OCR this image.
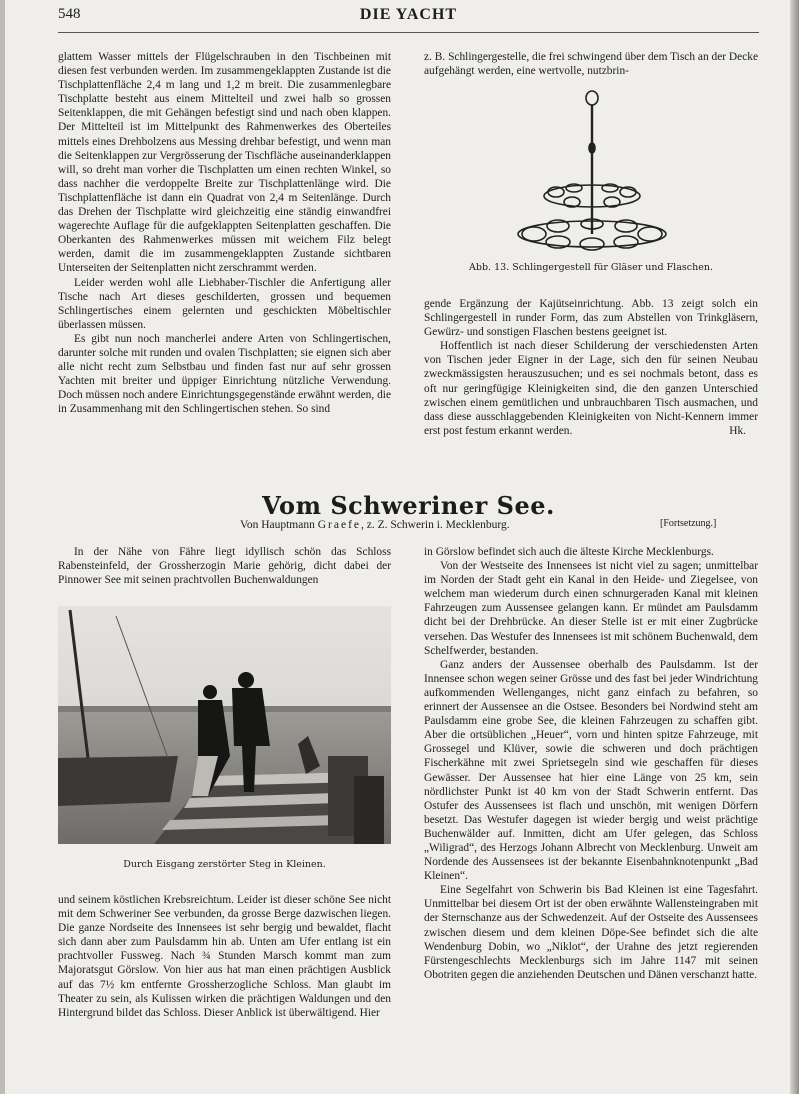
548	DIE YACHT

glattem Wasser mittels der Flügelschrauben in den Tischbeinen mit diesen fest verbunden werden. Im zusammengeklappten Zustande ist die Tischplattenfläche 2,4 m lang und 1,2 m breit. Die zusammenlegbare Tischplatte besteht aus einem Mittelteil und zwei halb so grossen Seitenklappen, die mit Gehängen befestigt sind und nach oben klappen. Der Mittelteil ist im Mittelpunkt des Rahmenwerkes des Oberteiles mittels eines Drehbolzens aus Messing drehbar befestigt, und wenn man die Seitenklappen zur Vergrösserung der Tischfläche auseinanderklappen will, so dreht man vorher die Tischplatten um einen rechten Winkel, so dass nachher die verdoppelte Breite zur Tischplattenlänge wird. Die Tischplattenfläche ist dann ein Quadrat von 2,4 m Seitenlänge. Durch das Drehen der Tischplatte wird gleichzeitig eine ständig einwandfrei wagerechte Auflage für die aufgeklappten Seitenplatten geschaffen. Die Oberkanten des Rahmenwerkes müssen mit weichem Filz belegt werden, damit die im zusammengeklappten Zustande sichtbaren Unterseiten der Seitenplatten nicht zerschrammt werden.

Leider werden wohl alle Liebhaber-Tischler die Anfertigung aller Tische nach Art dieses geschilderten, grossen und bequemen Schlingertisches einem gelernten und geschickten Möbeltischler überlassen müssen.

Es gibt nun noch mancherlei andere Arten von Schlingertischen, darunter solche mit runden und ovalen Tischplatten; sie eignen sich aber alle nicht recht zum Selbstbau und finden fast nur auf sehr grossen Yachten mit breiter und üppiger Einrichtung nützliche Verwendung. Doch müssen noch andere Einrichtungsgegenstände erwähnt werden, die in Zusammenhang mit den Schlingertischen stehen. So sind

z. B. Schlingergestelle, die frei schwingend über dem Tisch an der Decke aufgehängt werden, eine wertvolle, nutzbrin-

Abb. 13. Schlingergestell für Gläser und Flaschen.

gende Ergänzung der Kajütseinrichtung. Abb. 13 zeigt solch ein Schlingergestell in runder Form, das zum Abstellen von Trinkgläsern, Gewürz- und sonstigen Flaschen bestens geeignet ist.

Hoffentlich ist nach dieser Schilderung der verschiedensten Arten von Tischen jeder Eigner in der Lage, sich den für seinen Neubau zweckmässigsten herauszusuchen; und es sei nochmals betont, dass es oft nur geringfügige Kleinigkeiten sind, die den ganzen Unterschied zwischen einem gemütlichen und unbrauchbaren Tisch ausmachen, und dass diese ausschlaggebenden Kleinigkeiten von Nicht-Kennern immer erst post festum erkannt werden.	Hk.

Vom Schweriner See.
Von Hauptmann Graefe, z. Z. Schwerin i. Mecklenburg.	[Fortsetzung.]

In der Nähe von Fähre liegt idyllisch schön das Schloss Rabensteinfeld, der Grossherzogin Marie gehörig, dicht dabei der Pinnower See mit seinen prachtvollen Buchenwaldungen

Durch Eisgang zerstörter Steg in Kleinen.

und seinem köstlichen Krebsreichtum. Leider ist dieser schöne See nicht mit dem Schweriner See verbunden, da grosse Berge dazwischen liegen. Die ganze Nordseite des Innensees ist sehr bergig und bewaldet, flacht sich dann aber zum Paulsdamm hin ab. Unten am Ufer entlang ist ein prachtvoller Fussweg. Nach ¾ Stunden Marsch kommt man zum Majoratsgut Görslow. Von hier aus hat man einen prächtigen Ausblick auf das 7½ km entfernte Grossherzogliche Schloss. Man glaubt im Theater zu sein, als Kulissen wirken die prächtigen Waldungen und den Hintergrund bildet das Schloss. Dieser Anblick ist überwältigend. Hier

in Görslow befindet sich auch die älteste Kirche Mecklenburgs.

Von der Westseite des Innensees ist nicht viel zu sagen; unmittelbar im Norden der Stadt geht ein Kanal in den Heide- und Ziegelsee, von welchem man wiederum durch einen schnurgeraden Kanal mit kleinen Fahrzeugen zum Aussensee gelangen kann. Er mündet am Paulsdamm dicht bei der Drehbrücke. An dieser Stelle ist er mit einer Zugbrücke versehen. Das Westufer des Innensees ist mit schönem Buchenwald, dem Schelfwerder, bestanden.

Ganz anders der Aussensee oberhalb des Paulsdamm. Ist der Innensee schon wegen seiner Grösse und des fast bei jeder Windrichtung aufkommenden Wellenganges, nicht ganz einfach zu befahren, so erinnert der Aussensee an die Ostsee. Besonders bei Nordwind steht am Paulsdamm eine grobe See, die kleinen Fahrzeugen zu schaffen gibt. Aber die ortsüblichen „Heuer“, vorn und hinten spitze Fahrzeuge, mit Grossegel und Klüver, sowie die schweren und doch prächtigen Fischerkähne mit zwei Sprietsegeln sind wie geschaffen für dieses Gewässer. Der Aussensee hat hier eine Länge von 25 km, sein nördlichster Punkt ist 40 km von der Stadt Schwerin entfernt. Das Ostufer des Aussensees ist flach und unschön, mit wenigen Dörfern besetzt. Das Westufer dagegen ist wieder bergig und weist prächtige Buchenwälder auf. Inmitten, dicht am Ufer gelegen, das Schloss „Wiligrad“, des Herzogs Johann Albrecht von Mecklenburg. Unweit am Nordende des Aussensees ist der bekannte Eisenbahnknotenpunkt „Bad Kleinen“.

Eine Segelfahrt von Schwerin bis Bad Kleinen ist eine Tagesfahrt. Unmittelbar bei diesem Ort ist der oben erwähnte Wallensteingraben mit der Sternschanze aus der Schwedenzeit. Auf der Ostseite des Aussensees zwischen diesem und dem kleinen Döpe-See befindet sich die alte Wendenburg Dobin, wo „Niklot“, der Urahne des jetzt regierenden Fürstengeschlechts Mecklenburgs sich im Jahre 1147 mit seinen Obotriten gegen die anziehenden Deutschen und Dänen verschanzt hatte.
